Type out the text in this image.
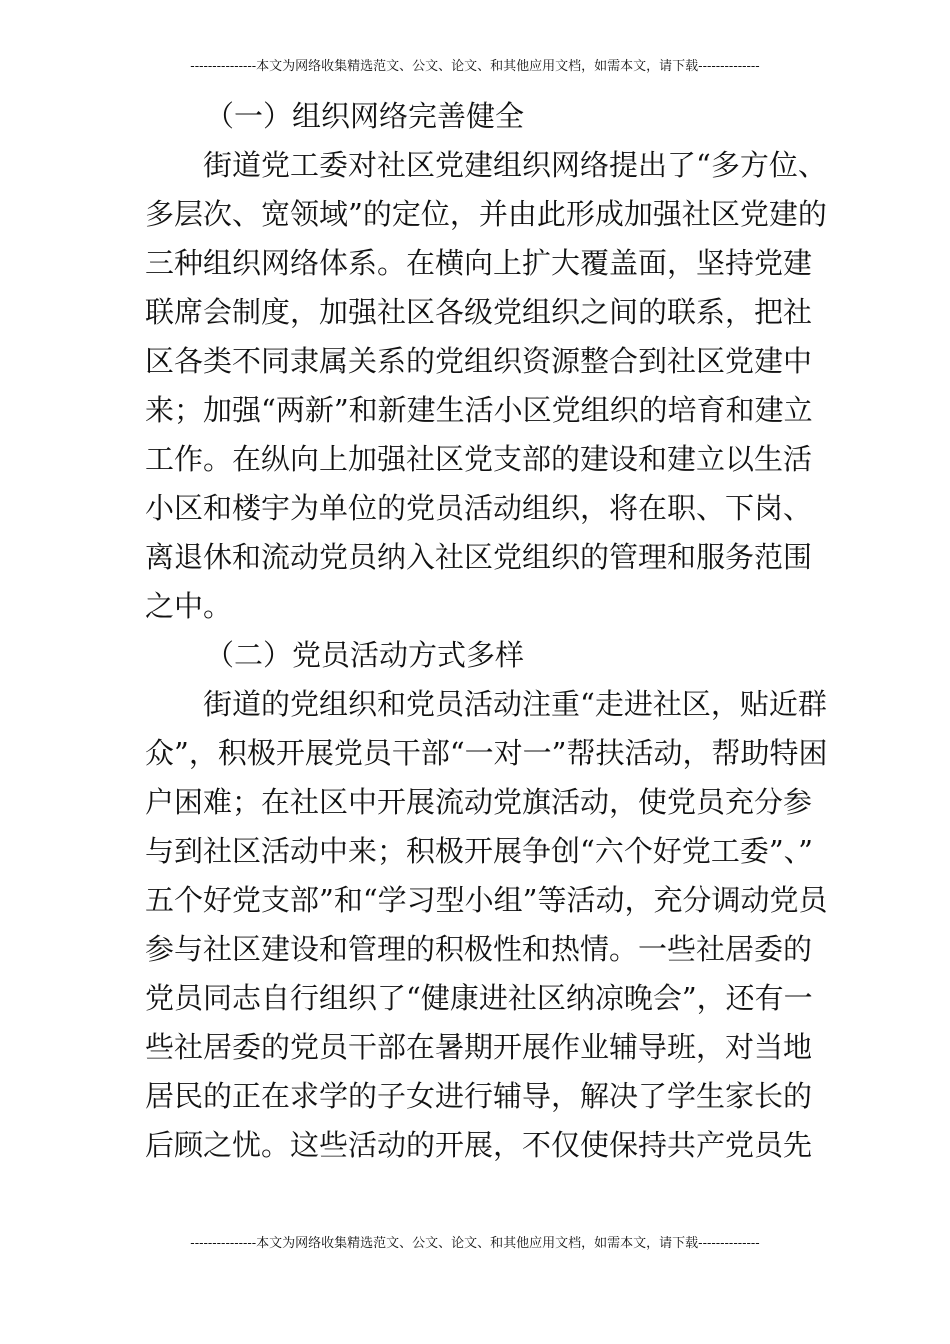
---------------本文为网络收集精选范文、公文、论文、和其他应用文档，如需本文，请下载--------------
（一）组织网络完善健全
街道党工委对社区党建组织网络提出了“多方位、
多层次、宽领域”的定位，并由此形成加强社区党建的
三种组织网络体系。在横向上扩大覆盖面，坚持党建
联席会制度，加强社区各级党组织之间的联系，把社
区各类不同隶属关系的党组织资源整合到社区党建中
来；加强“两新”和新建生活小区党组织的培育和建立
工作。在纵向上加强社区党支部的建设和建立以生活
小区和楼宇为单位的党员活动组织，将在职、下岗、
离退休和流动党员纳入社区党组织的管理和服务范围
之中。
（二）党员活动方式多样
街道的党组织和党员活动注重“走进社区，贴近群
众”，积极开展党员干部“一对一”帮扶活动，帮助特困
户困难；在社区中开展流动党旗活动，使党员充分参
与到社区活动中来；积极开展争创“六个好党工委”、”
五个好党支部”和“学习型小组”等活动，充分调动党员
参与社区建设和管理的积极性和热情。一些社居委的
党员同志自行组织了“健康进社区纳凉晚会”，还有一
些社居委的党员干部在暑期开展作业辅导班，对当地
居民的正在求学的子女进行辅导，解决了学生家长的
后顾之忧。这些活动的开展，不仅使保持共产党员先
---------------本文为网络收集精选范文、公文、论文、和其他应用文档，如需本文，请下载--------------
